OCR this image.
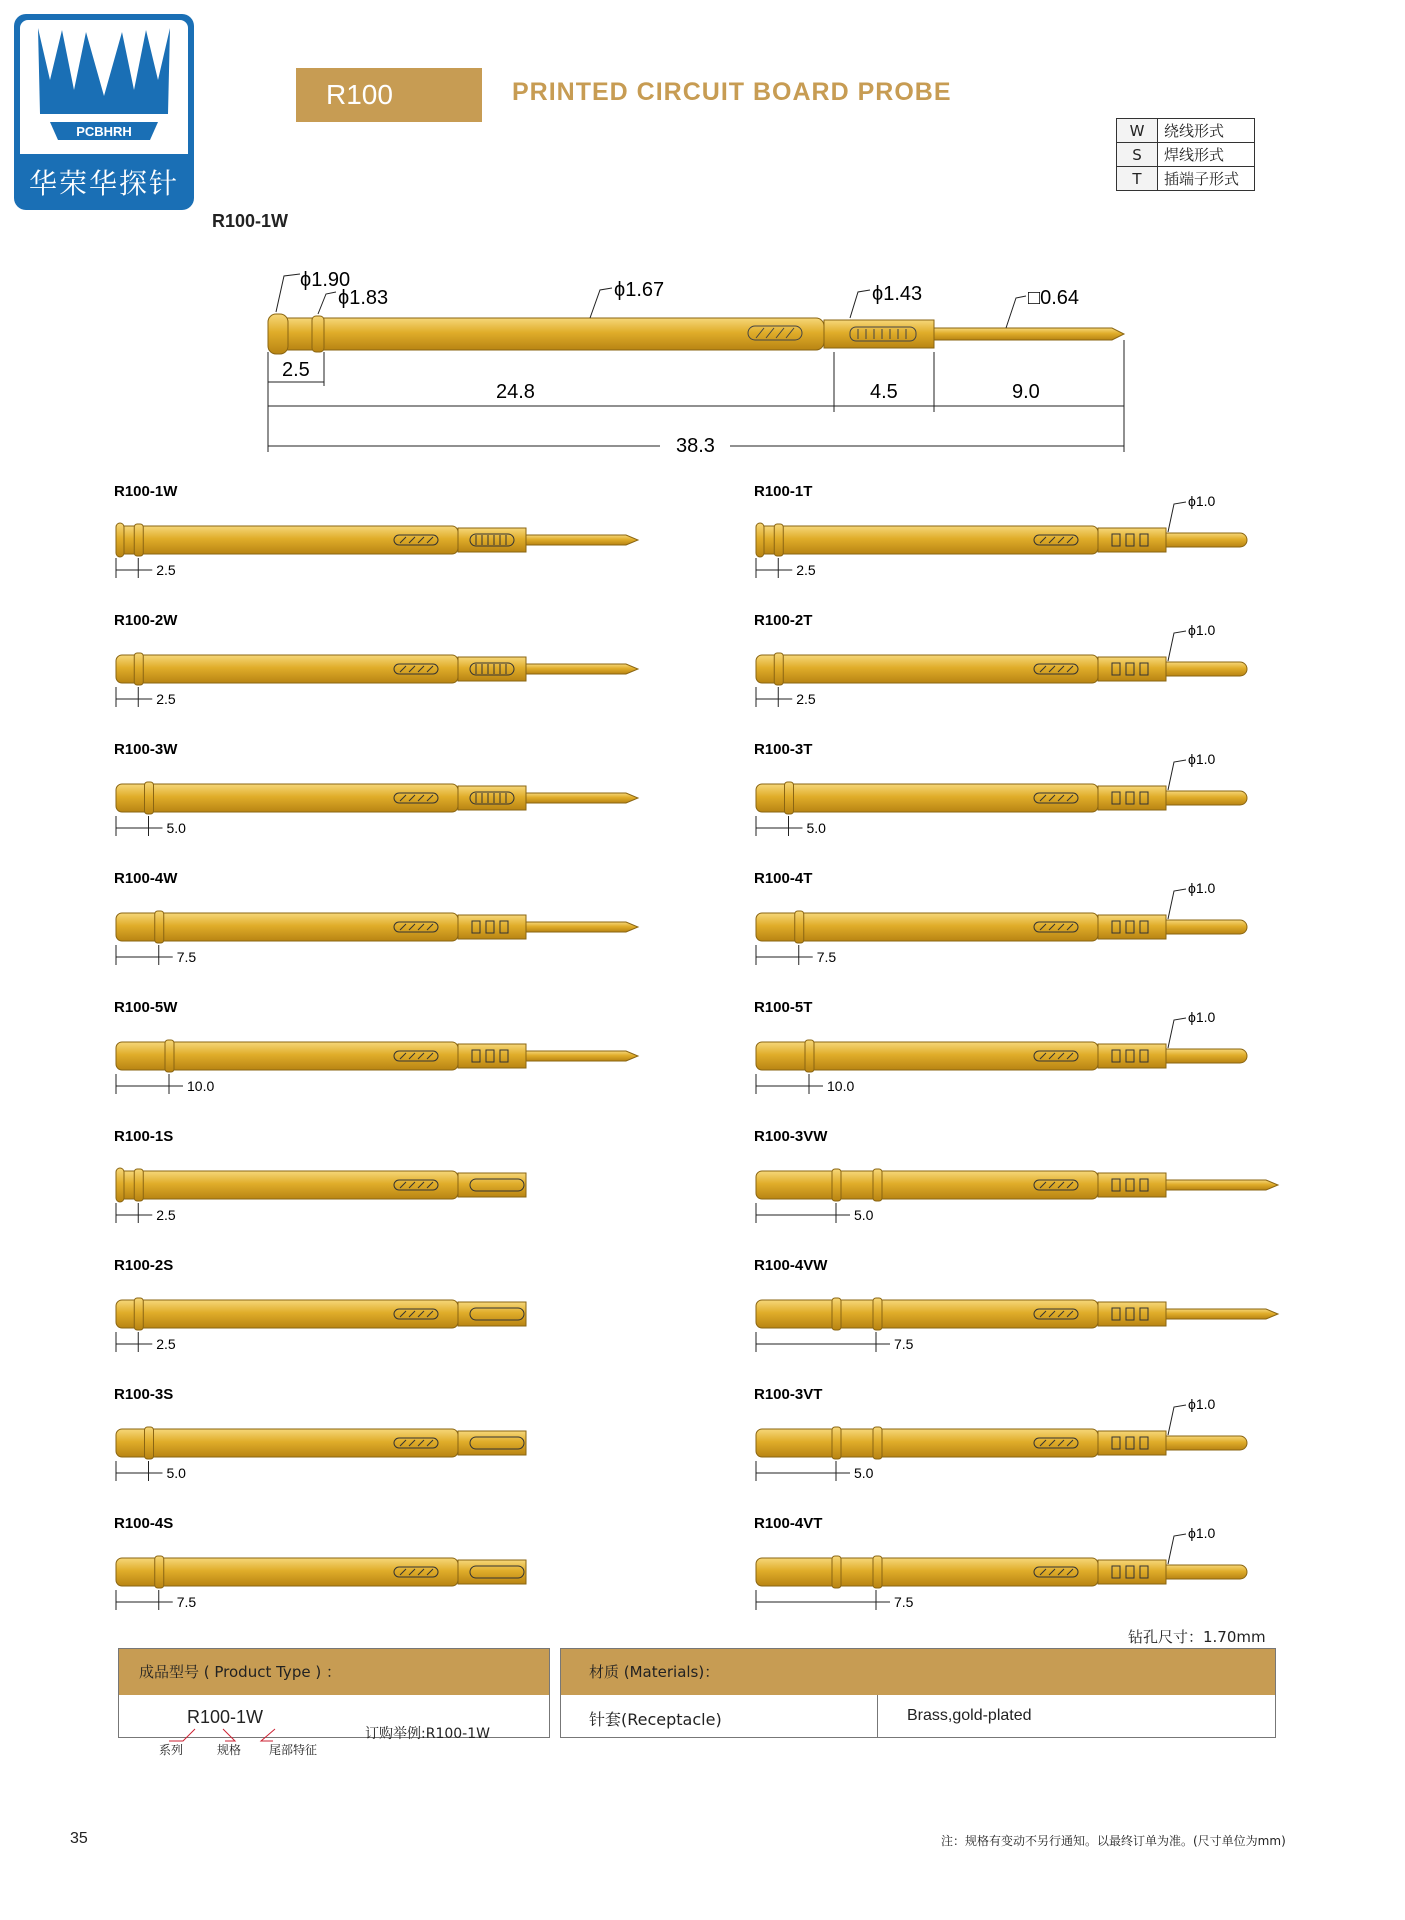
PCBHRH
华荣华探针
R100	PRINTED CIRCUIT BOARD PROBE
W	绕线形式
S	焊线形式
T	插端子形式
R100-1W
ϕ1.90
ϕ1.83	ϕ1.67	ϕ1.43	□0.64
2.5
24.8	4.5	9.0
38.3
R100-1W
2.5
R100-2W
2.5
R100-3W
5.0
R100-4W
7.5
R100-5W
10.0
R100-1S
2.5
R100-2S
2.5
R100-3S
5.0
R100-4S
7.5
R100-1T
ϕ1.0
2.5
R100-2T
ϕ1.0
2.5
R100-3T
ϕ1.0
5.0
R100-4T
ϕ1.0
7.5
R100-5T
ϕ1.0
10.0
R100-3VW
5.0
R100-4VW
7.5
R100-3VT
ϕ1.0
5.0
R100-4VT
ϕ1.0
7.5
钻孔尺寸：1.70mm
成品型号 ( Product Type ) ：
R100-1W
系列	规格 尾部特征
订购举例:R100-1W
材质 (Materials)：
针套(Receptacle)	Brass,gold-plated
35	注：规格有变动不另行通知。以最终订单为准。(尺寸单位为mm)
